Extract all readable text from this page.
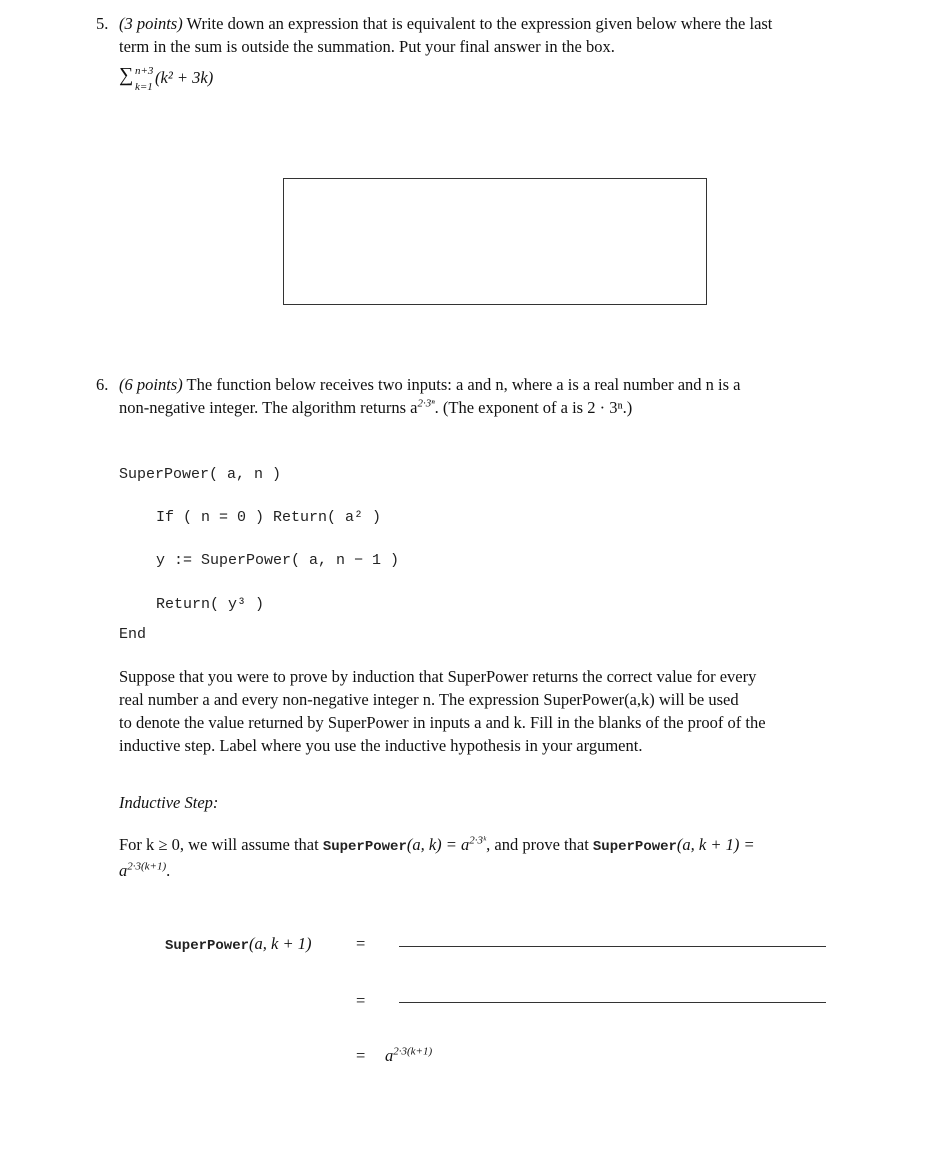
5. (3 points) Write down an expression that is equivalent to the expression given below where the last
term in the sum is outside the summation. Put your final answer in the box.
∑ n+3
k=1
(k² + 3k)
6. (6 points) The function below receives two inputs: a and n, where a is a real number and n is a
non-negative integer. The algorithm returns $a^{2\cdot 3^n}$. (The exponent of a is 2 · 3ⁿ.)
SuperPower( a, n )
If ( n = 0 ) Return( a² )
y := SuperPower( a, n − 1 )
Return( y³ )
End
Suppose that you were to prove by induction that SuperPower returns the correct value for every
real number a and every non-negative integer n. The expression SuperPower(a,k) will be used
to denote the value returned by SuperPower in inputs a and k. Fill in the blanks of the proof of the
inductive step. Label where you use the inductive hypothesis in your argument.
Inductive Step:
For k ≥ 0, we will assume that SuperPower(a, $k) = a^{2\cdot 3ᵏ}$, and prove that SuperPower(a, k + 1) =
$a^{2\cdot 3(k+1)}$.
SuperPower(a, k + 1)	=
=
= $a^{2\cdot 3(k+1)}$
